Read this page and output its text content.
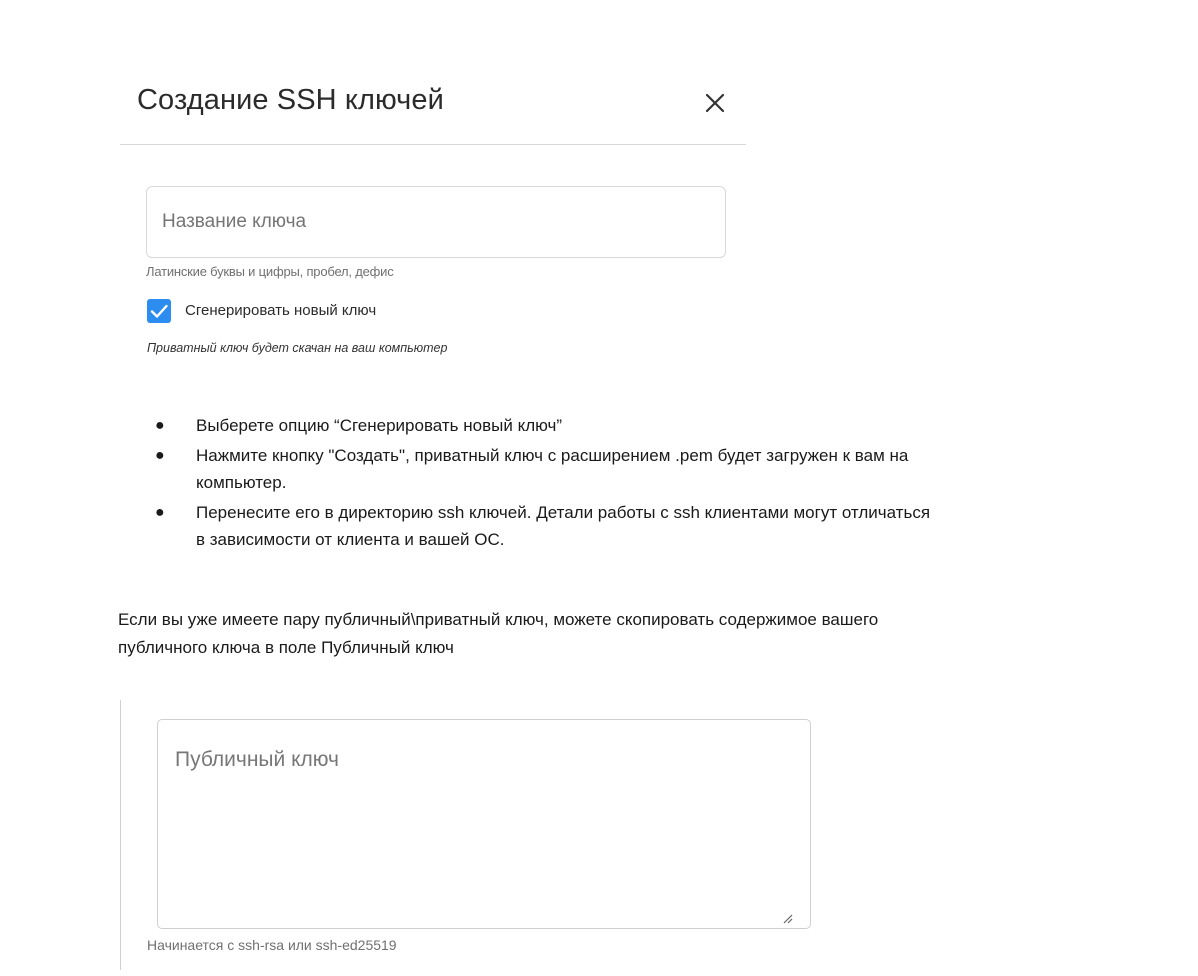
Создание SSH ключей
Название ключа
Латинские буквы и цифры, пробел, дефис
Сгенерировать новый ключ
Приватный ключ будет скачан на ваш компьютер
● Выберете опцию “Сгенерировать новый ключ”
● Нажмите кнопку "Создать", приватный ключ с расширением .pem будет загружен к вам на
компьютер.
● Перенесите его в директорию ssh ключей. Детали работы с ssh клиентами могут отличаться
в зависимости от клиента и вашей ОС.
Если вы уже имеете пару публичный\приватный ключ, можете скопировать содержимое вашего
публичного ключа в поле Публичный ключ
Публичный ключ
Начинается с ssh-rsa или ssh-ed25519
